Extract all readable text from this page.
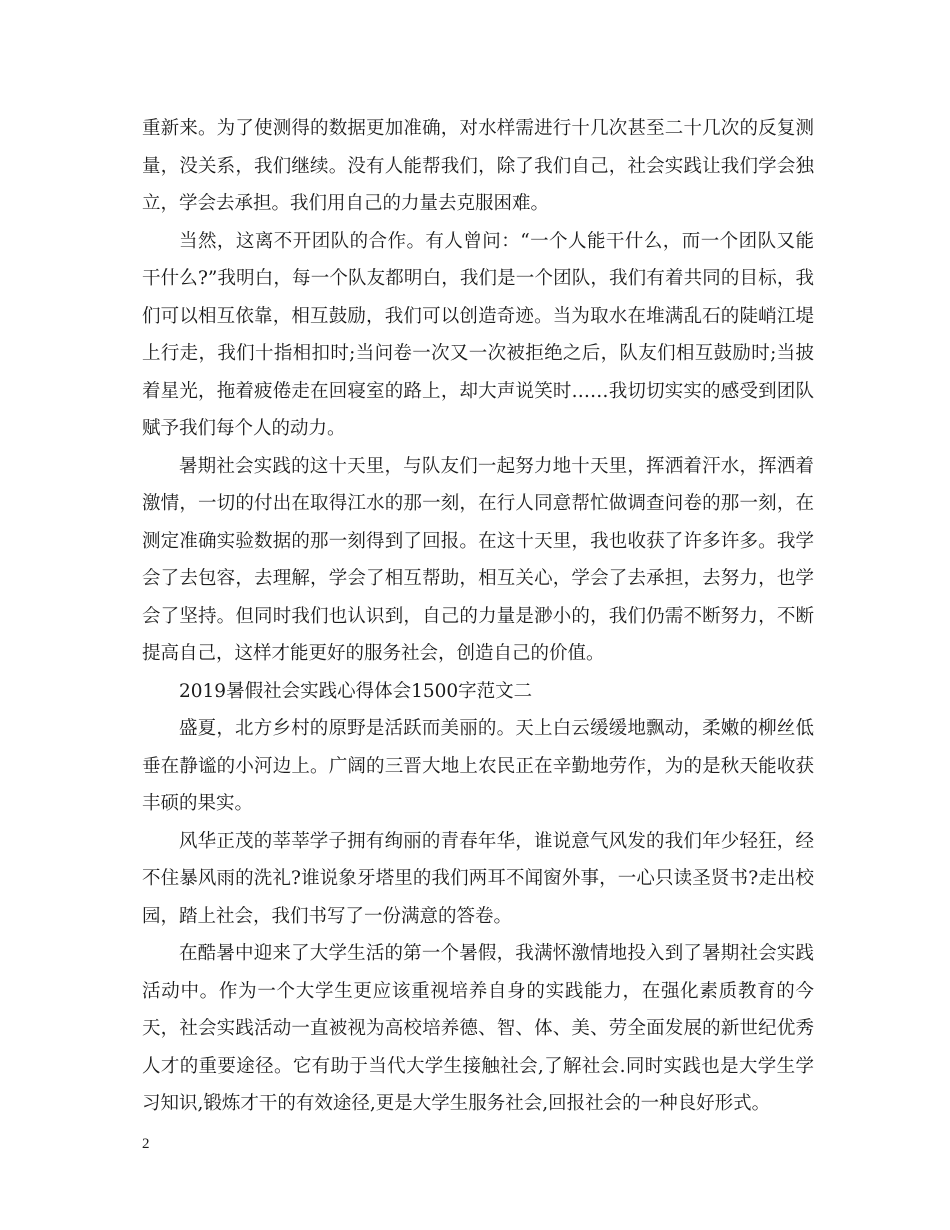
重新来。为了使测得的数据更加准确，对水样需进行十几次甚至二十几次的反复测量，没关系，我们继续。没有人能帮我们，除了我们自己，社会实践让我们学会独立，学会去承担。我们用自己的力量去克服困难。

当然，这离不开团队的合作。有人曾问：“一个人能干什么，而一个团队又能干什么?”我明白，每一个队友都明白，我们是一个团队，我们有着共同的目标，我们可以相互依靠，相互鼓励，我们可以创造奇迹。当为取水在堆满乱石的陡峭江堤上行走，我们十指相扣时;当问卷一次又一次被拒绝之后，队友们相互鼓励时;当披着星光，拖着疲倦走在回寝室的路上，却大声说笑时……我切切实实的感受到团队赋予我们每个人的动力。

暑期社会实践的这十天里，与队友们一起努力地十天里，挥洒着汗水，挥洒着激情，一切的付出在取得江水的那一刻，在行人同意帮忙做调查问卷的那一刻，在测定准确实验数据的那一刻得到了回报。在这十天里，我也收获了许多许多。我学会了去包容，去理解，学会了相互帮助，相互关心，学会了去承担，去努力，也学会了坚持。但同时我们也认识到，自己的力量是渺小的，我们仍需不断努力，不断提高自己，这样才能更好的服务社会，创造自己的价值。

2019暑假社会实践心得体会1500字范文二

盛夏，北方乡村的原野是活跃而美丽的。天上白云缓缓地飘动，柔嫩的柳丝低垂在静谧的小河边上。广阔的三晋大地上农民正在辛勤地劳作，为的是秋天能收获丰硕的果实。

风华正茂的莘莘学子拥有绚丽的青春年华，谁说意气风发的我们年少轻狂，经不住暴风雨的洗礼?谁说象牙塔里的我们两耳不闻窗外事，一心只读圣贤书?走出校园，踏上社会，我们书写了一份满意的答卷。

在酷暑中迎来了大学生活的第一个暑假，我满怀激情地投入到了暑期社会实践活动中。作为一个大学生更应该重视培养自身的实践能力，在强化素质教育的今天，社会实践活动一直被视为高校培养德、智、体、美、劳全面发展的新世纪优秀人才的重要途径。它有助于当代大学生接触社会,了解社会.同时实践也是大学生学习知识,锻炼才干的有效途径,更是大学生服务社会,回报社会的一种良好形式。

2
